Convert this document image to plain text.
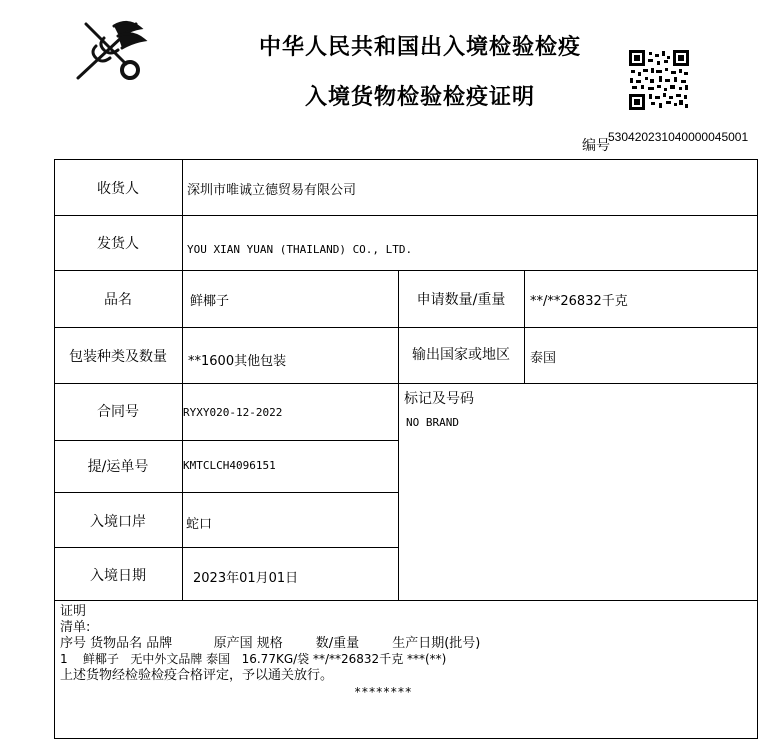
中华人民共和国出入境检验检疫
入境货物检验检疫证明
编号
530420231040000045001
收货人	深圳市唯诚立德贸易有限公司
发货人	YOU XIAN YUAN (THAILAND) CO., LTD.
品名	鲜椰子	申请数量/重量	**/**26832千克
包装种类及数量	**1600其他包装	输出国家或地区	泰国
合同号	RYXY020-12-2022
标记及号码
NO BRAND
提/运单号	KMTCLCH4096151
入境口岸	蛇口
入境日期	2023年01月01日
证明
清单:
序号 货物品名 品牌          原产国 规格        数/重量        生产日期(批号)
1    鲜椰子   无中外文品牌 泰国   16.77KG/袋 **/**26832千克 ***(**)
上述货物经检验检疫合格评定，予以通关放行。
********
